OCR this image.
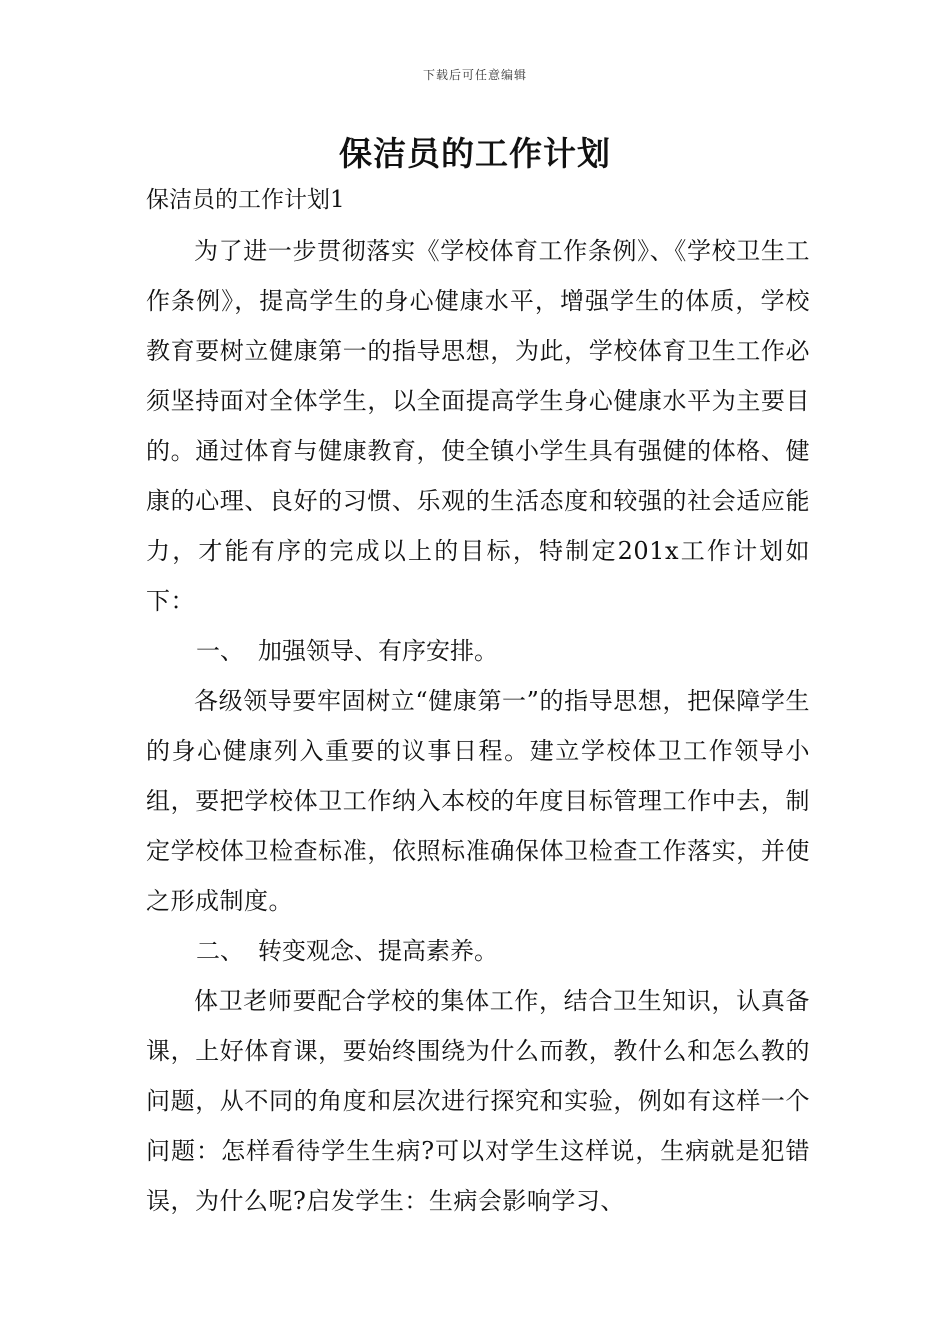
下载后可任意编辑
保洁员的工作计划

保洁员的工作计划1

为了进一步贯彻落实《学校体育工作条例》、《学校卫生工作条例》，提高学生的身心健康水平，增强学生的体质，学校教育要树立健康第一的指导思想，为此，学校体育卫生工作必须坚持面对全体学生，以全面提高学生身心健康水平为主要目的。通过体育与健康教育，使全镇小学生具有强健的体格、健康的心理、良好的习惯、乐观的生活态度和较强的社会适应能力，才能有序的完成以上的目标，特制定201x工作计划如下：

一、 加强领导、有序安排。

各级领导要牢固树立“健康第一”的指导思想，把保障学生的身心健康列入重要的议事日程。建立学校体卫工作领导小组，要把学校体卫工作纳入本校的年度目标管理工作中去，制定学校体卫检查标准，依照标准确保体卫检查工作落实，并使之形成制度。

二、 转变观念、提高素养。

体卫老师要配合学校的集体工作，结合卫生知识，认真备课，上好体育课，要始终围绕为什么而教，教什么和怎么教的问题，从不同的角度和层次进行探究和实验，例如有这样一个问题：怎样看待学生生病?可以对学生这样说，生病就是犯错误，为什么呢?启发学生：生病会影响学习、
